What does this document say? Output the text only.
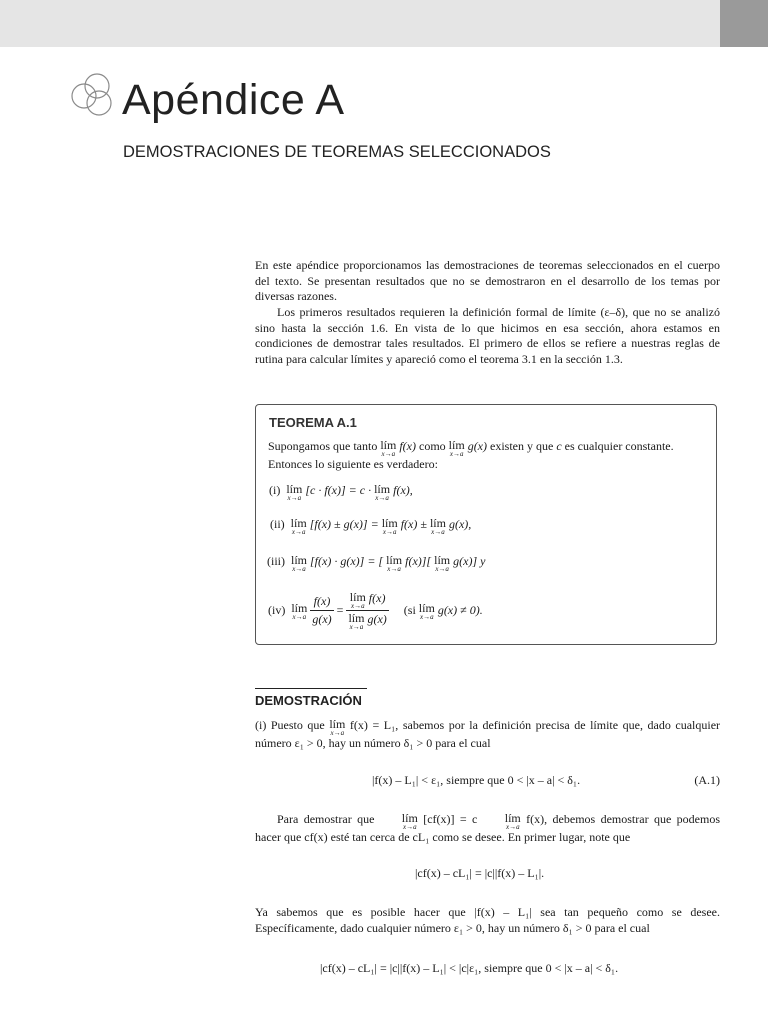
Apéndice A
DEMOSTRACIONES DE TEOREMAS SELECCIONADOS

En este apéndice proporcionamos las demostraciones de teoremas seleccionados en el cuerpo del texto. Se presentan resultados que no se demostraron en el desarrollo de los temas por diversas razones.

Los primeros resultados requieren la definición formal de límite (ε–δ), que no se analizó sino hasta la sección 1.6. En vista de lo que hicimos en esa sección, ahora estamos en condiciones de demostrar tales resultados. El primero de ellos se refiere a nuestras reglas de rutina para calcular límites y apareció como el teorema 3.1 en la sección 1.3.

TEOREMA A.1
Supongamos que tanto lím
x→a
f(x) como lím
x→a
g(x) existen y que c es cualquier constante. Entonces lo siguiente es verdadero:
(i) lím
x→a
[c · f(x)] = c · lím
x→a
f(x),
(ii) lím
x→a
[f(x) ± g(x)] = lím
x→a
f(x) ± lím
x→a
g(x),
(iii) lím
x→a
[f(x) · g(x)] = [ lím
x→a
f(x)][ lím
x→a
g(x)] y
(iv) lím
x→a
$\frac{f(x)}{g(x)}$ = lím
x→a
f(x)
lím
x→a
g(x) (si lím
x→a g(x) ≠ 0).
DEMOSTRACIÓN

(i) Puesto que lím
x→a
f(x) = L₁, sabemos por la definición precisa de límite que, dado cualquier número ε₁ > 0, hay un número δ₁ > 0 para el cual

|f(x) – L₁| < ε₁, siempre que 0 < |x – a| < δ₁.	(A.1)

Para demostrar que lím
x→a
[cf(x)] = c lím
x→a
f(x), debemos demostrar que podemos hacer que cf(x) esté tan cerca de cL₁ como se desee. En primer lugar, note que

|cf(x) – cL₁| = |c||f(x) – L₁|.

Ya sabemos que es posible hacer que |f(x) – L₁| sea tan pequeño como se desee. Específicamente, dado cualquier número ε₁ > 0, hay un número δ₁ > 0 para el cual

|cf(x) – cL₁| = |c||f(x) – L₁| < |c|ε₁, siempre que 0 < |x – a| < δ₁.
